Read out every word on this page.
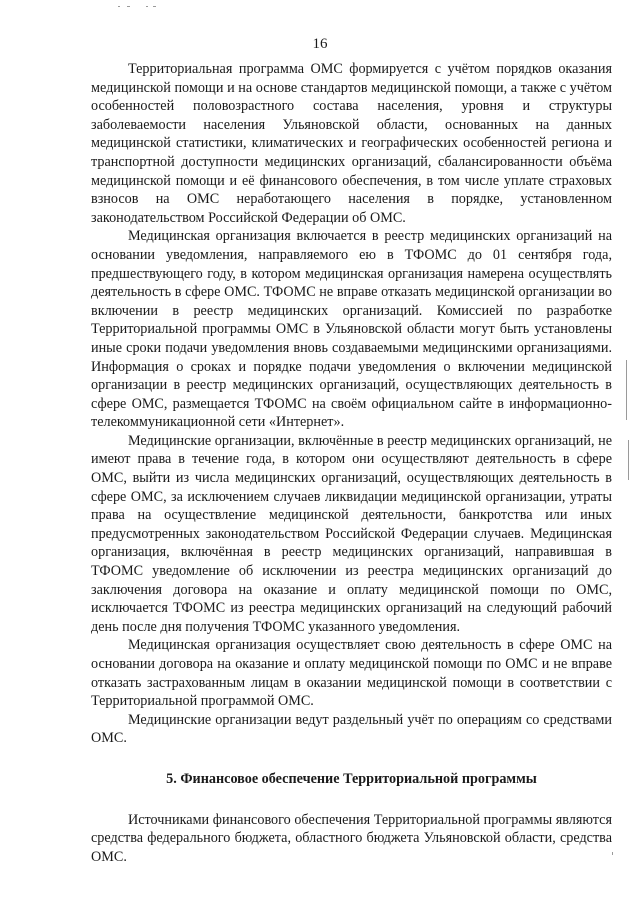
16

Территориальная программа ОМС формируется с учётом порядков оказания медицинской помощи и на основе стандартов медицинской помощи, а также с учётом особенностей половозрастного состава населения, уровня и структуры заболеваемости населения Ульяновской области, основанных на данных медицинской статистики, климатических и географических особенностей региона и транспортной доступности медицинских организаций, сбалансированности объёма медицинской помощи и её финансового обеспечения, в том числе уплате страховых взносов на ОМС неработающего населения в порядке, установленном законодательством Российской Федерации об ОМС.

Медицинская организация включается в реестр медицинских организаций на основании уведомления, направляемого ею в ТФОМС до 01 сентября года, предшествующего году, в котором медицинская организация намерена осуществлять деятельность в сфере ОМС. ТФОМС не вправе отказать медицинской организации во включении в реестр медицинских организаций. Комиссией по разработке Территориальной программы ОМС в Ульяновской области могут быть установлены иные сроки подачи уведомления вновь создаваемыми медицинскими организациями. Информация о сроках и порядке подачи уведомления о включении медицинской организации в реестр медицинских организаций, осуществляющих деятельность в сфере ОМС, размещается ТФОМС на своём официальном сайте в информационно-телекоммуникационной сети «Интернет».

Медицинские организации, включённые в реестр медицинских организаций, не имеют права в течение года, в котором они осуществляют деятельность в сфере ОМС, выйти из числа медицинских организаций, осуществляющих деятельность в сфере ОМС, за исключением случаев ликвидации медицинской организации, утраты права на осуществление медицинской деятельности, банкротства или иных предусмотренных законодательством Российской Федерации случаев. Медицинская организация, включённая в реестр медицинских организаций, направившая в ТФОМС уведомление об исключении из реестра медицинских организаций до заключения договора на оказание и оплату медицинской помощи по ОМС, исключается ТФОМС из реестра медицинских организаций на следующий рабочий день после дня получения ТФОМС указанного уведомления.

Медицинская организация осуществляет свою деятельность в сфере ОМС на основании договора на оказание и оплату медицинской помощи по ОМС и не вправе отказать застрахованным лицам в оказании медицинской помощи в соответствии с Территориальной программой ОМС.

Медицинские организации ведут раздельный учёт по операциям со средствами ОМС.

5. Финансовое обеспечение Территориальной программы

Источниками финансового обеспечения Территориальной программы являются средства федерального бюджета, областного бюджета Ульяновской области, средства ОМС.
